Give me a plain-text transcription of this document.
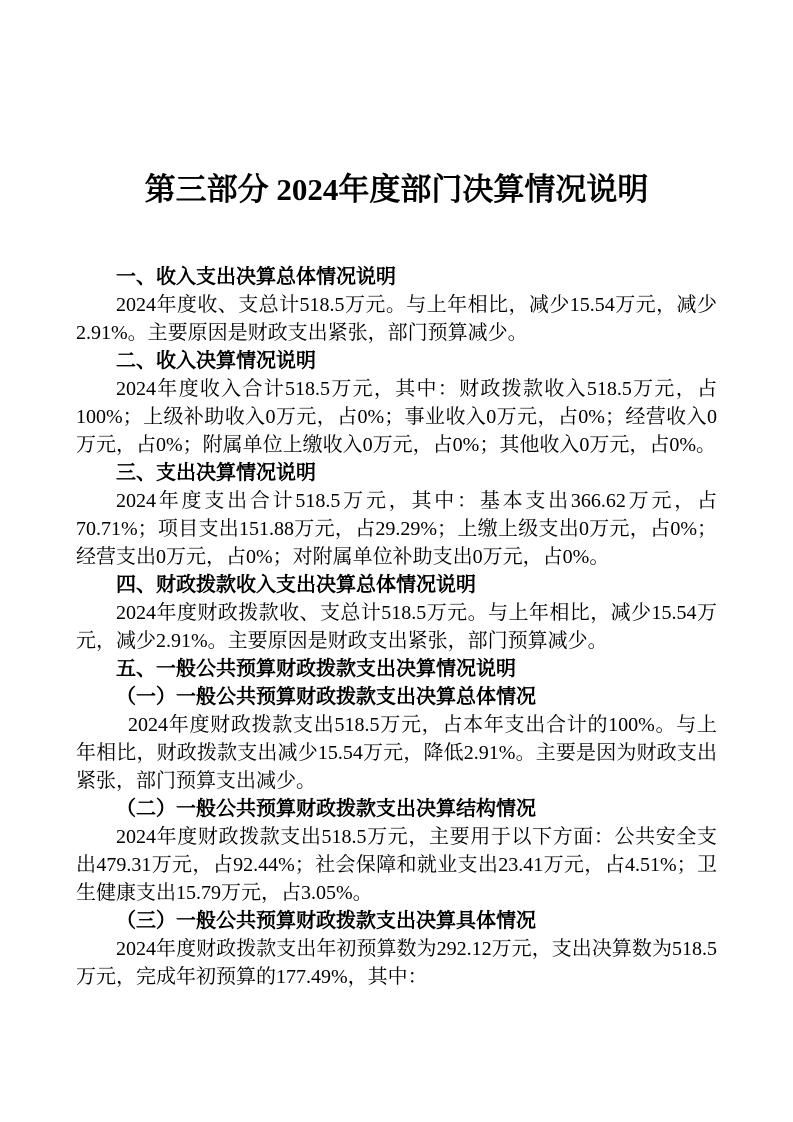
第三部分 2024年度部门决算情况说明

一、收入支出决算总体情况说明

2024年度收、支总计518.5万元。与上年相比，减少15.54万元，减少2.91%。主要原因是财政支出紧张，部门预算减少。

二、收入决算情况说明

2024年度收入合计518.5万元，其中：财政拨款收入518.5万元，占100%；上级补助收入0万元，占0%；事业收入0万元，占0%；经营收入0万元，占0%；附属单位上缴收入0万元，占0%；其他收入0万元，占0%。

三、支出决算情况说明

2024年度支出合计518.5万元，其中：基本支出366.62万元，占70.71%；项目支出151.88万元，占29.29%；上缴上级支出0万元，占0%；经营支出0万元，占0%；对附属单位补助支出0万元，占0%。

四、财政拨款收入支出决算总体情况说明

2024年度财政拨款收、支总计518.5万元。与上年相比，减少15.54万元，减少2.91%。主要原因是财政支出紧张，部门预算减少。

五、一般公共预算财政拨款支出决算情况说明

（一）一般公共预算财政拨款支出决算总体情况

2024年度财政拨款支出518.5万元，占本年支出合计的100%。与上年相比，财政拨款支出减少15.54万元，降低2.91%。主要是因为财政支出紧张，部门预算支出减少。

（二）一般公共预算财政拨款支出决算结构情况

2024年度财政拨款支出518.5万元，主要用于以下方面：公共安全支出479.31万元，占92.44%；社会保障和就业支出23.41万元，占4.51%；卫生健康支出15.79万元，占3.05%。

（三）一般公共预算财政拨款支出决算具体情况

2024年度财政拨款支出年初预算数为292.12万元，支出决算数为518.5万元，完成年初预算的177.49%，其中：
